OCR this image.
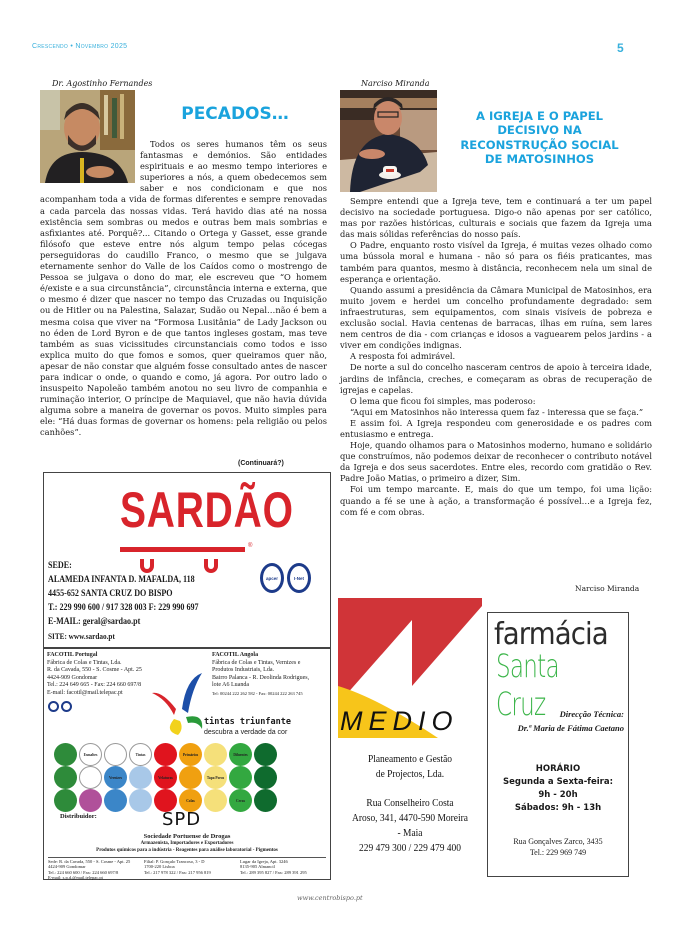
Crescendo • Novembro 2025	5
Dr. Agostinho Fernandes
PECADOS…

Todos os seres humanos têm os seus fantasmas e demónios. São entidades espirituais e ao mesmo tempo interiores e superiores a nós, a quem obedecemos sem saber e nos condicionam e que nos acompanham toda a vida de formas diferentes e sempre renovadas a cada parcela das nossas vidas. Terá havido dias até na nossa existência sem sombras ou medos e outras bem mais sombrias e asfixiantes até. Porquê?... Citando o Ortega y Gasset, esse grande filósofo que esteve entre nós algum tempo pelas cócegas perseguidoras do caudillo Franco, o mesmo que se julgava eternamente senhor do Valle de los Caídos como o mostrengo de Pessoa se julgava o dono do mar, ele escreveu que “O homem é/existe e a sua circunstância”, circunstância interna e externa, que o mesmo é dizer que nascer no tempo das Cruzadas ou Inquisição ou de Hitler ou na Palestina, Salazar, Sudão ou Nepal…não é bem a mesma coisa que viver na “Formosa Lusitânia” de Lady Jackson ou no éden de Lord Byron e de que tantos ingleses gostam, mas teve também as suas vicissitudes circunstanciais como todos e isso explica muito do que fomos e somos, quer queiramos quer não, apesar de não constar que alguém fosse consultado antes de nascer para indicar o onde, o quando e como, já agora. Por outro lado o insuspeito Napoleão também anotou no seu livro de companhia e ruminação interior, O príncipe de Maquiavel, que não havia dúvida alguma sobre a maneira de governar os povos. Muito simples para ele: “Há duas formas de governar os homens: pela religião ou pelos canhões”.

(Continuará?)
Narciso Miranda
A IGREJA E O PAPEL
DECISIVO NA
RECONSTRUÇÃO SOCIAL
DE MATOSINHOS

Sempre entendi que a Igreja teve, tem e continuará a ter um papel decisivo na sociedade portuguesa. Digo-o não apenas por ser católico, mas por razões históricas, culturais e sociais que fazem da Igreja uma das mais sólidas referências do nosso país.

O Padre, enquanto rosto visível da Igreja, é muitas vezes olhado como uma bússola moral e humana - não só para os fiéis praticantes, mas também para quantos, mesmo à distância, reconhecem nela um sinal de esperança e orientação.

Quando assumi a presidência da Câmara Municipal de Matosinhos, era muito jovem e herdei um concelho profundamente degradado: sem infraestruturas, sem equipamentos, com sinais visíveis de pobreza e exclusão social. Havia centenas de barracas, ilhas em ruína, sem lares nem centros de dia - com crianças e idosos a vaguearem pelos jardins - a viver em condições indignas.

A resposta foi admirável.

De norte a sul do concelho nasceram centros de apoio à terceira idade, jardins de infância, creches, e começaram as obras de recuperação de igrejas e capelas.

O lema que ficou foi simples, mas poderoso:

“Aqui em Matosinhos não interessa quem faz - interessa que se faça.”

E assim foi. A Igreja respondeu com generosidade e os padres com entusiasmo e entrega.

Hoje, quando olhamos para o Matosinhos moderno, humano e solidário que construímos, não podemos deixar de reconhecer o contributo notável da Igreja e dos seus sacerdotes. Entre eles, recordo com gratidão o Rev. Padre João Matias, o primeiro a dizer, Sim.

Foi um tempo marcante. E, mais do que um tempo, foi uma lição: quando a fé se une à ação, a transformação é possível…e a Igreja fez, com fé e com obras.

Narciso Miranda
SARDÃO
®
SEDE:
ALAMEDA INFANTA D. MAFALDA, 118
4455-652 SANTA CRUZ DO BISPO
T.: 229 990 600 / 917 328 003 F: 229 990 697
E-MAIL: geral@sardao.pt
SITE: www.sardao.pt
apcer	I-Net
FACOTIL Portugal
Fábrica de Colas e Tintas, Lda.
R. da Cavada, 550 - S. Cosme - Apt. 25
4424-909 Gondomar
Tel.: 224 649 665 - Fax: 224 660 697/8
E-mail: facotil@mail.telepac.pt
FACOTIL Angola
Fábrica de Colas e Tintas, Vernizes e
Produtos Industriais, Lda.
Bairro Palanca - R. Deolinda Rodrigues,
lote A6 Luanda
Tel: 00244 222 262 582 - Fax: 00244 222 263 745
tintas triunfante
descubra a verdade da cor
Esmaltes	Tintas	Primários	Diluentes
Vernizes	Velaturas	Tapa Poros
Colas	Ceras
Distribuidor:	SPD
Sociedade Portuense de Drogas
Armazenista, Importadores e Exportadores
Produtos químicos para a indústria - Reagentes para análise laboratorial - Pigmentos
Sede: R. da Cavada, 550 - S. Cosme - Apt. 25
4424-909 Gondomar
Tel.: 224 660 600 / Fax: 224 660 697/8
E-mail: s.p.d.@mail.telepac.pt
Filial: P. Gonçalo Trancoso, 3 - D
1700-220 Lisboa
Tel.: 217 978 322 / Fax: 217 956 819
Lugar da Igreja, Apt. 3246
8135-905 Almancil
Tel.: 289 395 827 / Fax: 289 391 295
MEDIO
Planeamento e Gestão
de Projectos, Lda.
Rua Conselheiro Costa
Aroso, 341, 4470-590 Moreira
- Maia
229 479 300 / 229 479 400
farmácia
Santa Cruz	Direcção Técnica:
Dr.ª Maria de Fátima Caetano
HORÁRIO
Segunda a Sexta-feira:
9h - 20h
Sábados: 9h - 13h
Rua Gonçalves Zarco, 3435
Tel.: 229 969 749
www.centrobispo.pt
